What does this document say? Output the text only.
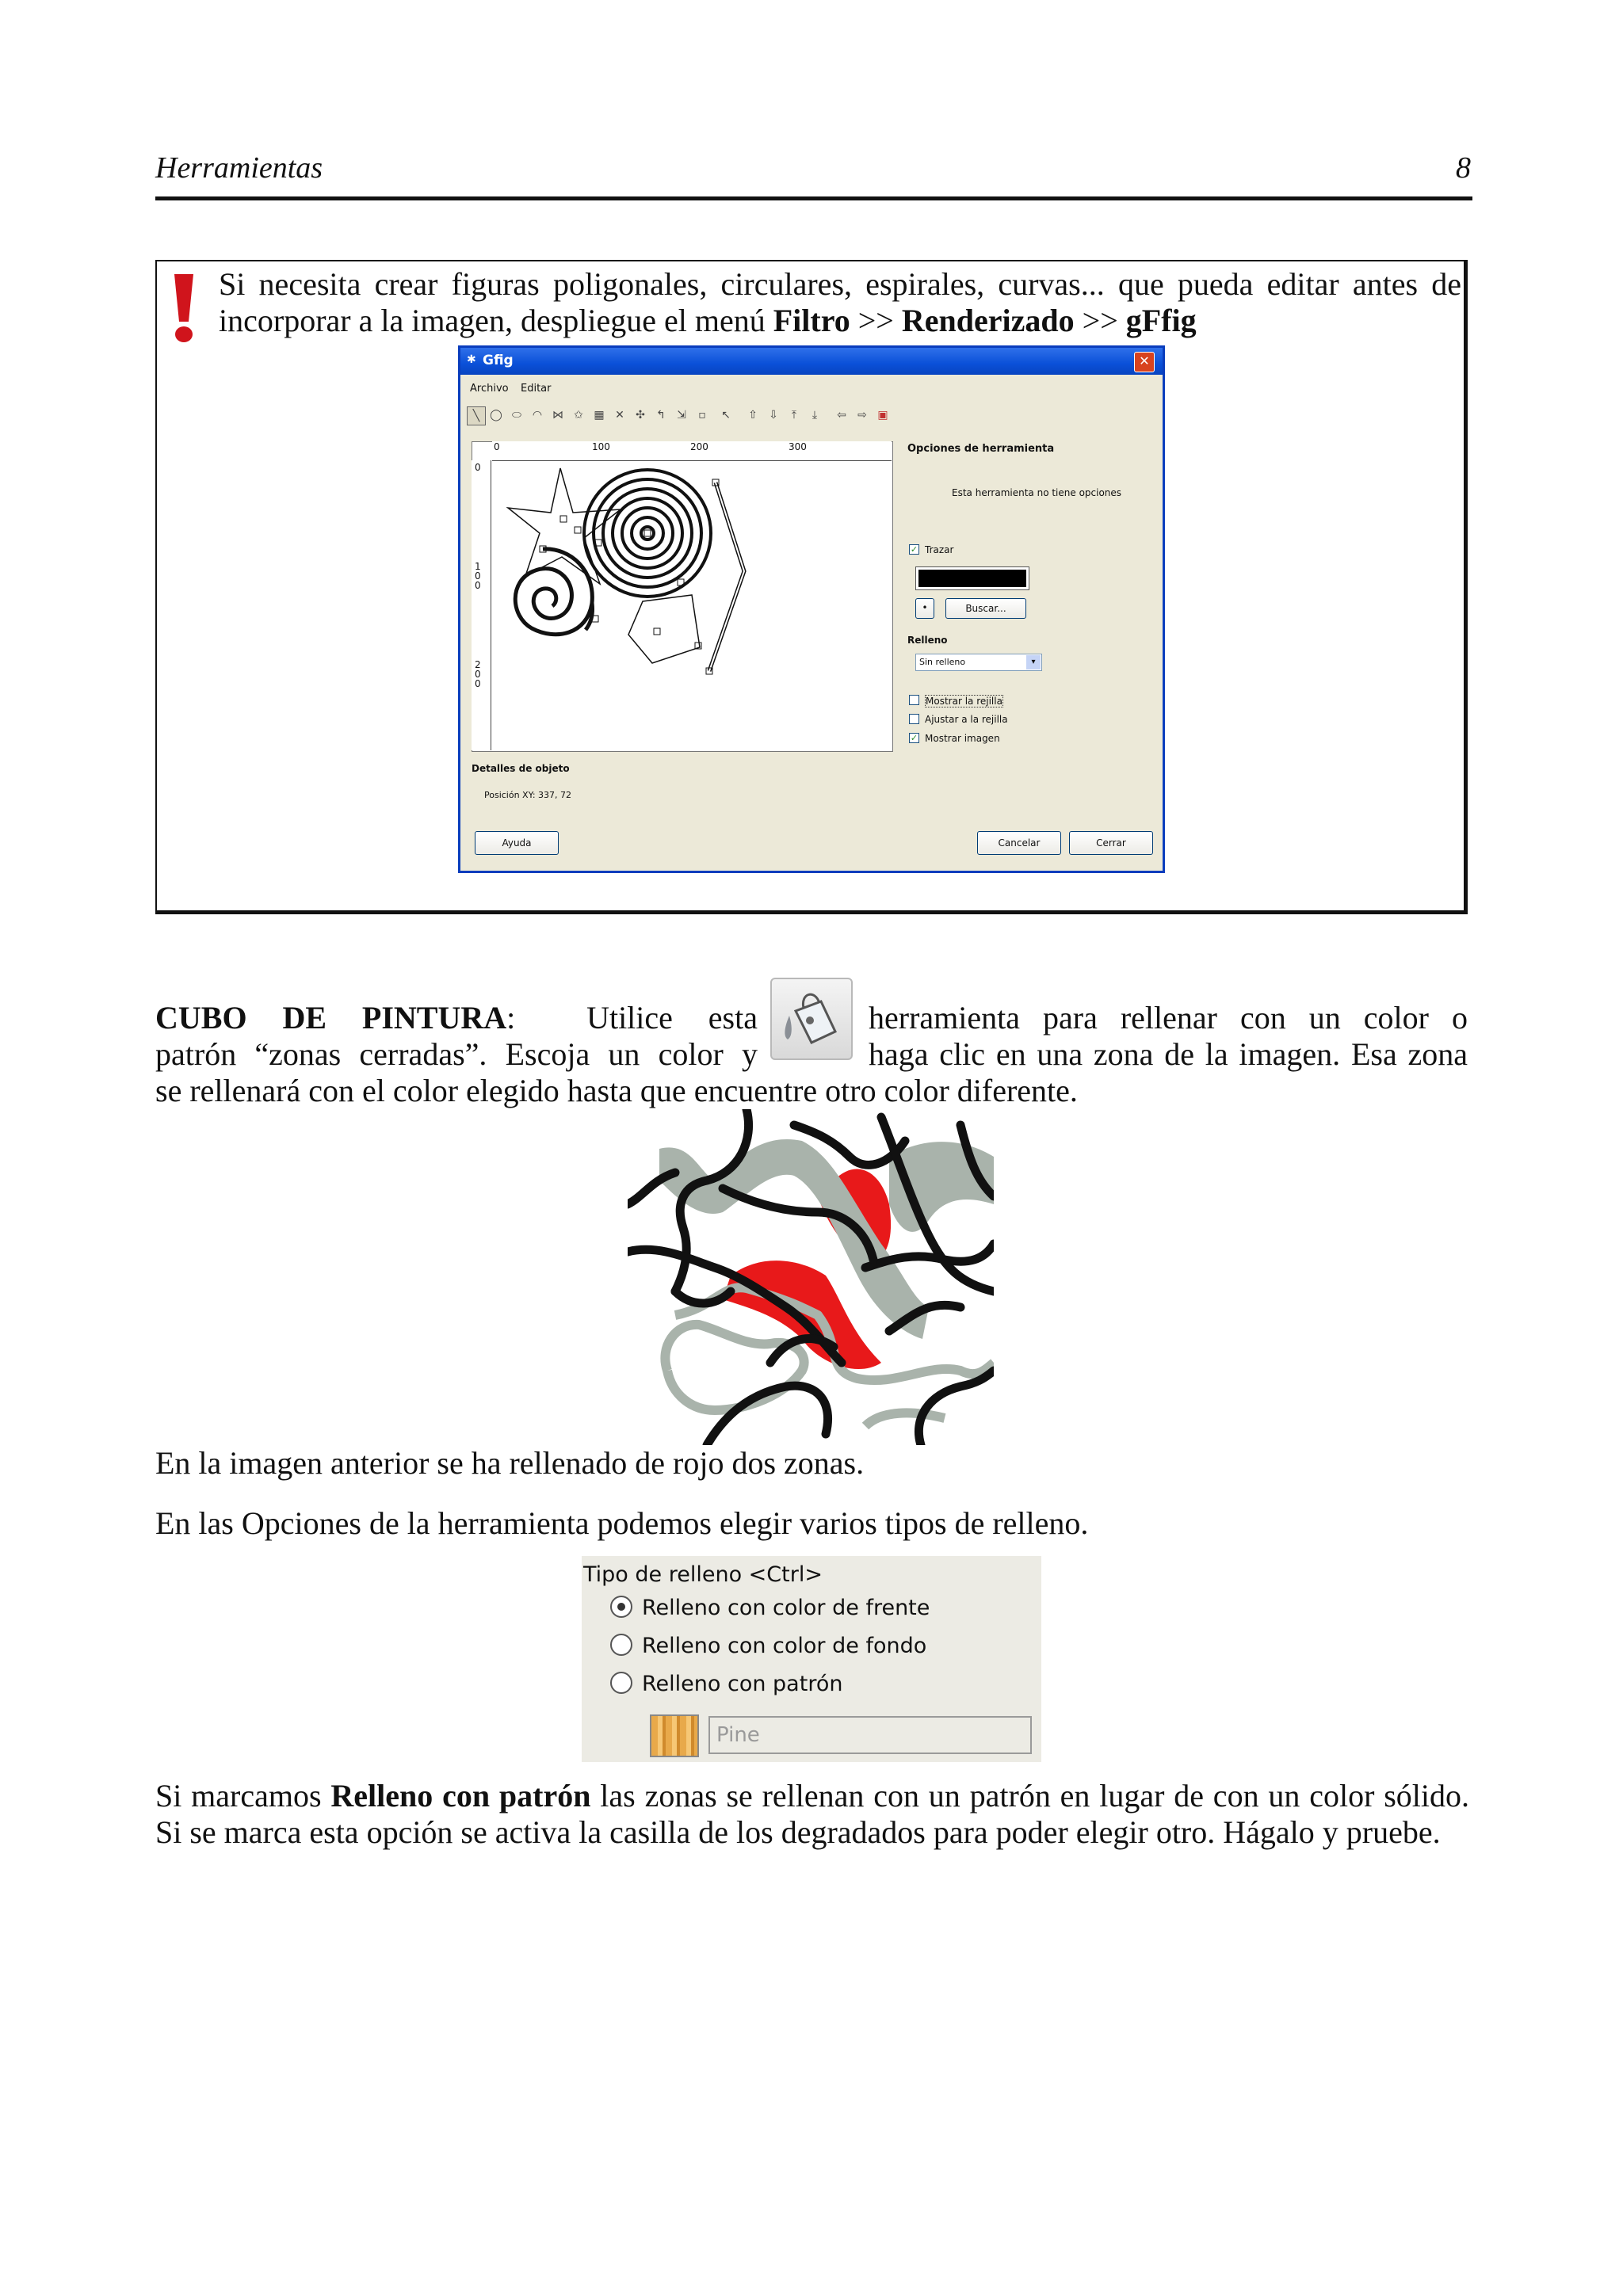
Herramientas	8
Si necesita crear figuras poligonales, circulares, espirales, curvas... que pueda editar antes de incorporar a la imagen, despliegue el menú Filtro >> Renderizado >> gFfig
✱ Gfig	✕
Archivo Editar
╲ ◯ ⬭ ◠ ⋈ ✩ ▦ ✕	✣	↰	⇲	▫	↖	⇧	⇩	⤒	⤓	⇦	⇨ ▣
0	100	200	300
0
1
0
0
2
0
0
Opciones de herramienta
Esta herramienta no tiene opciones
✓ Trazar
•	Buscar...
Relleno
Sin relleno	▾
Mostrar la rejilla
Ajustar a la rejilla
✓ Mostrar imagen
Detalles de objeto
Posición XY: 337, 72
Ayuda	Cancelar	Cerrar
CUBO DE PINTURA:  Utilice esta
patrón “zonas cerradas”. Escoja un color y
herramienta para rellenar con un color o
haga clic en una zona de la imagen. Esa zona
se rellenará con el color elegido hasta que encuentre otro color diferente.
En la imagen anterior se ha rellenado de rojo dos zonas.
En las Opciones de la herramienta podemos elegir varios tipos de relleno.
Tipo de relleno <Ctrl>
Relleno con color de frente
Relleno con color de fondo
Relleno con patrón
Pine
Si marcamos Relleno con patrón las zonas se rellenan con un patrón en lugar de con un color sólido. Si se marca esta opción se activa la casilla de los degradados para poder elegir otro. Hágalo y pruebe.
